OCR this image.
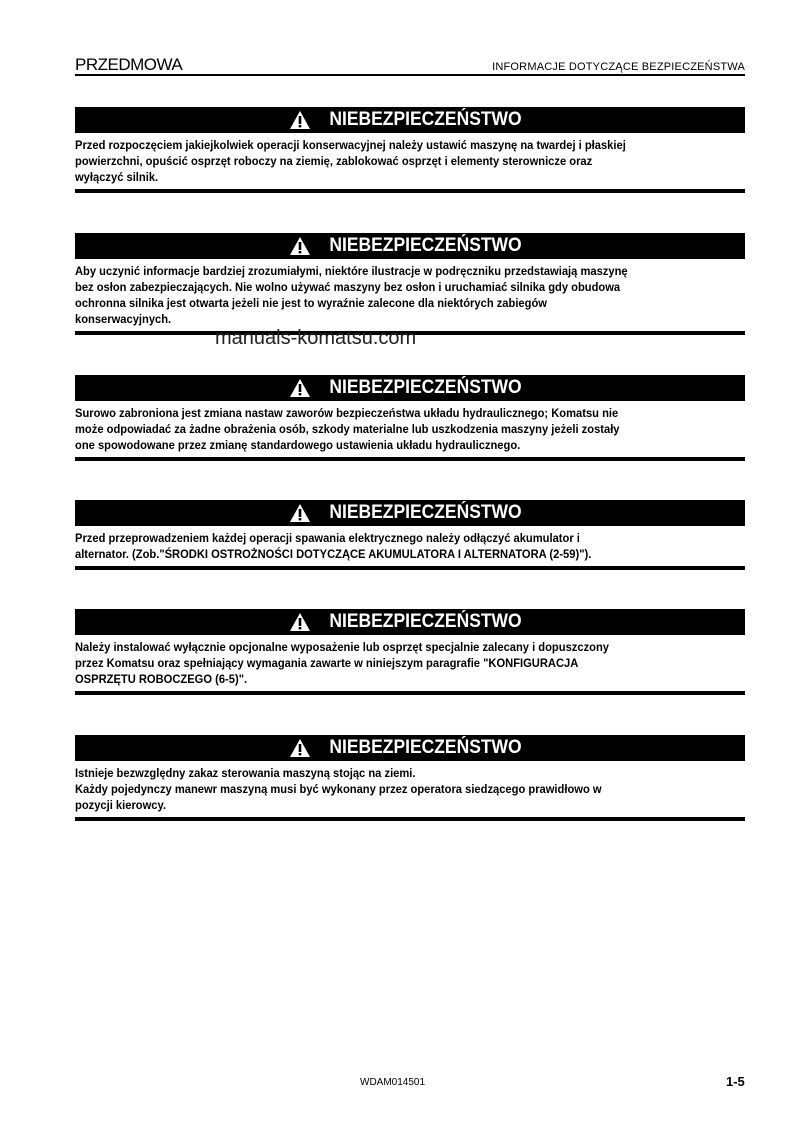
PRZEDMOWA	INFORMACJE DOTYCZĄCE BEZPIECZEŃSTWA
NIEBEZPIECZEŃSTWO
Przed rozpoczęciem jakiejkolwiek operacji konserwacyjnej należy ustawić maszynę na twardej i płaskiej
powierzchni, opuścić osprzęt roboczy na ziemię, zablokować osprzęt i elementy sterownicze oraz
wyłączyć silnik.
NIEBEZPIECZEŃSTWO
Aby uczynić informacje bardziej zrozumiałymi, niektóre ilustracje w podręczniku przedstawiają maszynę
bez osłon zabezpieczających. Nie wolno używać maszyny bez osłon i uruchamiać silnika gdy obudowa
ochronna silnika jest otwarta jeżeli nie jest to wyraźnie zalecone dla niektórych zabiegów
konserwacyjnych.
NIEBEZPIECZEŃSTWO
Surowo zabroniona jest zmiana nastaw zaworów bezpieczeństwa układu hydraulicznego; Komatsu nie
może odpowiadać za żadne obrażenia osób, szkody materialne lub uszkodzenia maszyny jeżeli zostały
one spowodowane przez zmianę standardowego ustawienia układu hydraulicznego.
NIEBEZPIECZEŃSTWO
Przed przeprowadzeniem każdej operacji spawania elektrycznego należy odłączyć akumulator i
alternator. (Zob."ŚRODKI OSTROŻNOŚCI DOTYCZĄCE AKUMULATORA I ALTERNATORA (2-59)").
NIEBEZPIECZEŃSTWO
Należy instalować wyłącznie opcjonalne wyposażenie lub osprzęt specjalnie zalecany i dopuszczony
przez Komatsu oraz spełniający wymagania zawarte w niniejszym paragrafie "KONFIGURACJA
OSPRZĘTU ROBOCZEGO (6-5)".
NIEBEZPIECZEŃSTWO
Istnieje bezwzględny zakaz sterowania maszyną stojąc na ziemi.
Każdy pojedynczy manewr maszyną musi być wykonany przez operatora siedzącego prawidłowo w
pozycji kierowcy.
manuals-komatsu.com
WDAM014501	1-5
